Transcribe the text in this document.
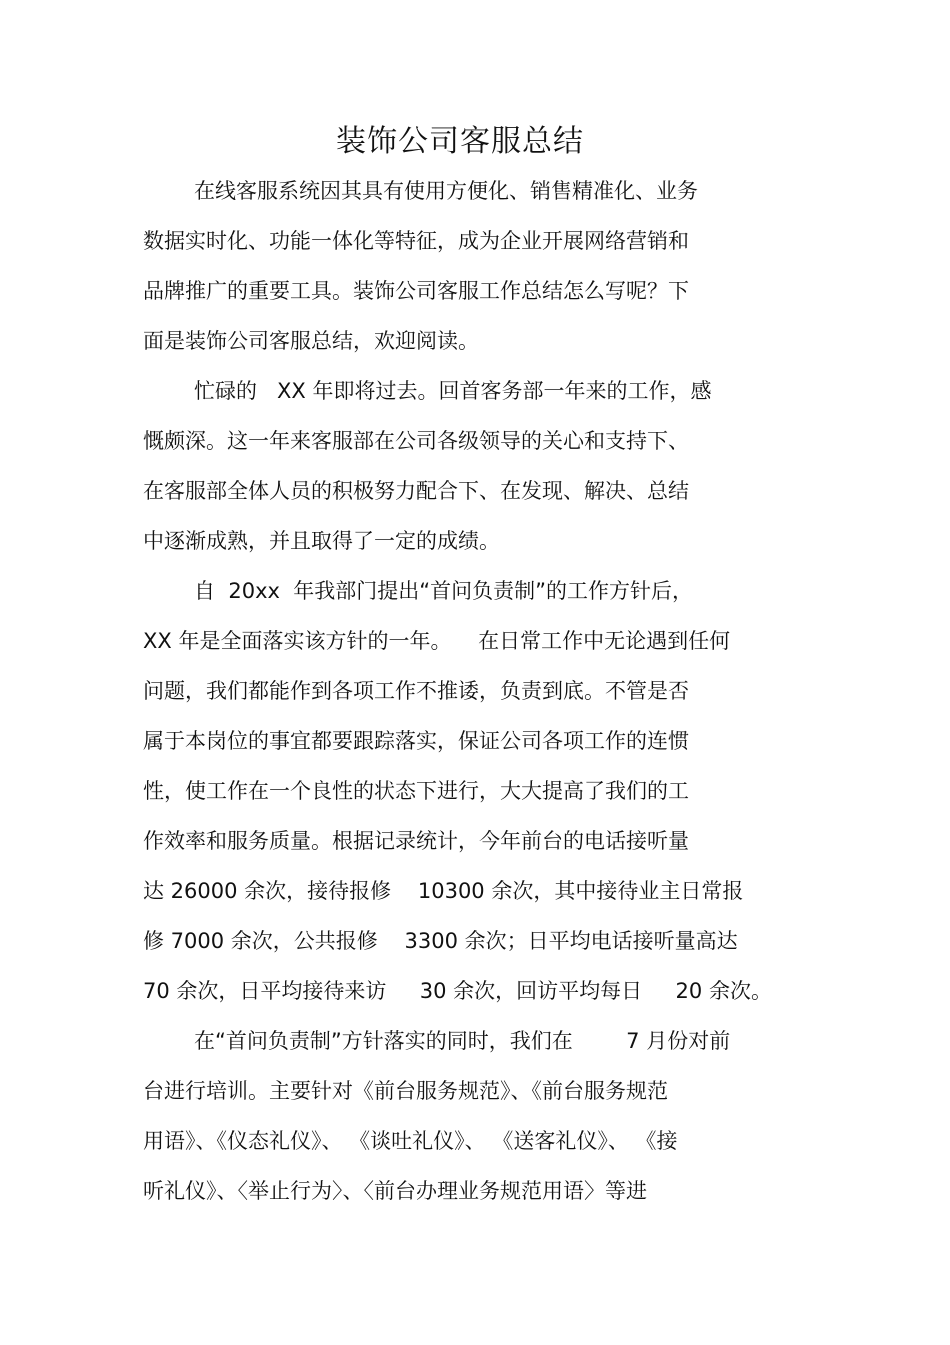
装饰公司客服总结
在线客服系统因其具有使用方便化、销售精准化、业务
数据实时化、功能一体化等特征，成为企业开展网络营销和
品牌推广的重要工具。装饰公司客服工作总结怎么写呢？下
面是装饰公司客服总结，欢迎阅读。
忙碌的   XX 年即将过去。回首客务部一年来的工作，感
慨颇深。这一年来客服部在公司各级领导的关心和支持下、
在客服部全体人员的积极努力配合下、在发现、解决、总结
中逐渐成熟，并且取得了一定的成绩。
自  20xx  年我部门提出“首问负责制”的工作方针后，
XX 年是全面落实该方针的一年。    在日常工作中无论遇到任何
问题，我们都能作到各项工作不推诿，负责到底。不管是否
属于本岗位的事宜都要跟踪落实，保证公司各项工作的连惯
性，使工作在一个良性的状态下进行，大大提高了我们的工
作效率和服务质量。根据记录统计，今年前台的电话接听量
达 26000 余次，接待报修    10300 余次，其中接待业主日常报
修 7000 余次，公共报修    3300 余次；日平均电话接听量高达
70 余次，日平均接待来访     30 余次，回访平均每日     20 余次。
在“首问负责制”方针落实的同时，我们在        7 月份对前
台进行培训。主要针对《前台服务规范》、《前台服务规范
用语》、《仪态礼仪》、 《谈吐礼仪》、 《送客礼仪》、 《接
听礼仪》、〈举止行为〉、〈前台办理业务规范用语〉等进
